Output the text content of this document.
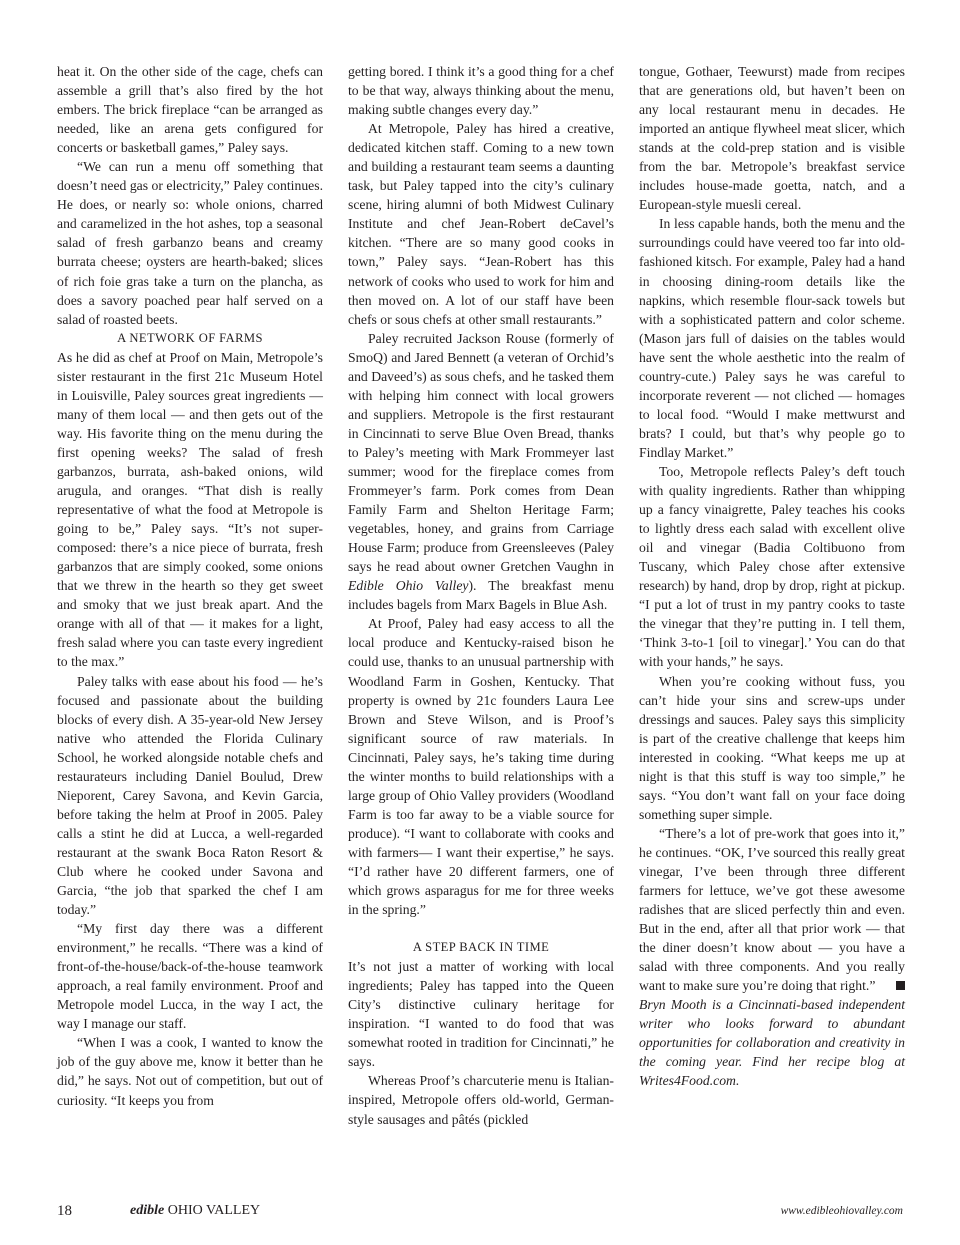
heat it. On the other side of the cage, chefs can assemble a grill that’s also fired by the hot embers. The brick fireplace “can be arranged as needed, like an arena gets configured for concerts or basketball games,” Paley says.

“We can run a menu off something that doesn’t need gas or electricity,” Paley continues. He does, or nearly so: whole onions, charred and caramelized in the hot ashes, top a seasonal salad of fresh garbanzo beans and creamy burrata cheese; oysters are hearth-baked; slices of rich foie gras take a turn on the plancha, as does a savory poached pear half served on a salad of roasted beets.

A NETWORK OF FARMS

As he did as chef at Proof on Main, Metropole’s sister restaurant in the first 21c Museum Hotel in Louisville, Paley sources great ingredients — many of them local — and then gets out of the way. His favorite thing on the menu during the first opening weeks? The salad of fresh garbanzos, burrata, ash-baked onions, wild arugula, and oranges. “That dish is really representative of what the food at Metropole is going to be,” Paley says. “It’s not super-composed: there’s a nice piece of burrata, fresh garbanzos that are simply cooked, some onions that we threw in the hearth so they get sweet and smoky that we just break apart. And the orange with all of that — it makes for a light, fresh salad where you can taste every ingredient to the max.”

Paley talks with ease about his food — he’s focused and passionate about the building blocks of every dish. A 35-year-old New Jersey native who attended the Florida Culinary School, he worked alongside notable chefs and restaurateurs including Daniel Boulud, Drew Nieporent, Carey Savona, and Kevin Garcia, before taking the helm at Proof in 2005. Paley calls a stint he did at Lucca, a well-regarded restaurant at the swank Boca Raton Resort & Club where he cooked under Savona and Garcia, “the job that sparked the chef I am today.”

“My first day there was a different environment,” he recalls. “There was a kind of front-of-the-house/back-of-the-house teamwork approach, a real family environment. Proof and Metropole model Lucca, in the way I act, the way I manage our staff.

“When I was a cook, I wanted to know the job of the guy above me, know it better than he did,” he says. Not out of competition, but out of curiosity. “It keeps you from

getting bored. I think it’s a good thing for a chef to be that way, always thinking about the menu, making subtle changes every day.”

At Metropole, Paley has hired a creative, dedicated kitchen staff. Coming to a new town and building a restaurant team seems a daunting task, but Paley tapped into the city’s culinary scene, hiring alumni of both Midwest Culinary Institute and chef Jean-Robert deCavel’s kitchen. “There are so many good cooks in town,” Paley says. “Jean-Robert has this network of cooks who used to work for him and then moved on. A lot of our staff have been chefs or sous chefs at other small restaurants.”

Paley recruited Jackson Rouse (formerly of SmoQ) and Jared Bennett (a veteran of Orchid’s and Daveed’s) as sous chefs, and he tasked them with helping him connect with local growers and suppliers. Metropole is the first restaurant in Cincinnati to serve Blue Oven Bread, thanks to Paley’s meeting with Mark Frommeyer last summer; wood for the fireplace comes from Frommeyer’s farm. Pork comes from Dean Family Farm and Shelton Heritage Farm; vegetables, honey, and grains from Carriage House Farm; produce from Greensleeves (Paley says he read about owner Gretchen Vaughn in Edible Ohio Valley). The breakfast menu includes bagels from Marx Bagels in Blue Ash.

At Proof, Paley had easy access to all the local produce and Kentucky-raised bison he could use, thanks to an unusual partnership with Woodland Farm in Goshen, Kentucky. That property is owned by 21c founders Laura Lee Brown and Steve Wilson, and is Proof’s significant source of raw materials. In Cincinnati, Paley says, he’s taking time during the winter months to build relationships with a large group of Ohio Valley providers (Woodland Farm is too far away to be a viable source for produce). “I want to collaborate with cooks and with farmers— I want their expertise,” he says. “I’d rather have 20 different farmers, one of which grows asparagus for me for three weeks in the spring.”

A STEP BACK IN TIME

It’s not just a matter of working with local ingredients; Paley has tapped into the Queen City’s distinctive culinary heritage for inspiration. “I wanted to do food that was somewhat rooted in tradition for Cincinnati,” he says.

Whereas Proof’s charcuterie menu is Italian-inspired, Metropole offers old-world, German-style sausages and pâtés (pickled

tongue, Gothaer, Teewurst) made from recipes that are generations old, but haven’t been on any local restaurant menu in decades. He imported an antique flywheel meat slicer, which stands at the cold-prep station and is visible from the bar. Metropole’s breakfast service includes house-made goetta, natch, and a European-style muesli cereal.

In less capable hands, both the menu and the surroundings could have veered too far into old-fashioned kitsch. For example, Paley had a hand in choosing dining-room details like the napkins, which resemble flour-sack towels but with a sophisticated pattern and color scheme. (Mason jars full of daisies on the tables would have sent the whole aesthetic into the realm of country-cute.) Paley says he was careful to incorporate reverent — not cliched — homages to local food. “Would I make mettwurst and brats? I could, but that’s why people go to Findlay Market.”

Too, Metropole reflects Paley’s deft touch with quality ingredients. Rather than whipping up a fancy vinaigrette, Paley teaches his cooks to lightly dress each salad with excellent olive oil and vinegar (Badia Coltibuono from Tuscany, which Paley chose after extensive research) by hand, drop by drop, right at pickup. “I put a lot of trust in my pantry cooks to taste the vinegar that they’re putting in. I tell them, ‘Think 3-to-1 [oil to vinegar].’ You can do that with your hands,” he says.

When you’re cooking without fuss, you can’t hide your sins and screw-ups under dressings and sauces. Paley says this simplicity is part of the creative challenge that keeps him interested in cooking. “What keeps me up at night is that this stuff is way too simple,” he says. “You don’t want fall on your face doing something super simple.

“There’s a lot of pre-work that goes into it,” he continues. “OK, I’ve sourced this really great vinegar, I’ve been through three different farmers for lettuce, we’ve got these awesome radishes that are sliced perfectly thin and even. But in the end, after all that prior work — that the diner doesn’t know about — you have a salad with three components. And you really want to make sure you’re doing that right.”

Bryn Mooth is a Cincinnati-based independent writer who looks forward to abundant opportunities for collaboration and creativity in the coming year. Find her recipe blog at Writes4Food.com.

18	edible OHIO VALLEY	www.edibleohiovalley.com
